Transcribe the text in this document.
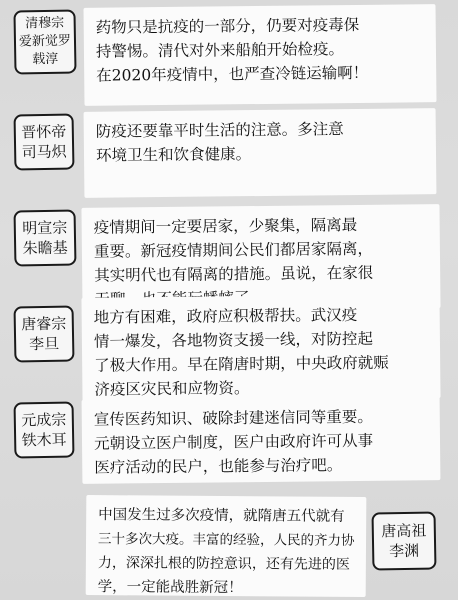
清穆宗
爱新觉罗
载淳
药物只是抗疫的一部分，仍要对疫毒保
持警惕。清代对外来船舶开始检疫。
在2020年疫情中，也严查冷链运输啊！
晋怀帝
司马炽
防疫还要靠平时生活的注意。多注意
环境卫生和饮食健康。
明宣宗
朱瞻基
疫情期间一定要居家，少聚集，隔离最
重要。新冠疫情期间公民们都居家隔离，
其实明代也有隔离的措施。虽说，在家很
唐睿宗
李旦
地方有困难，政府应积极帮扶。武汉疫
情一爆发，各地物资支援一线，对防控起
了极大作用。早在隋唐时期，中央政府就赈
济疫区灾民和应物资。
元成宗
铁木耳
宣传医药知识、破除封建迷信同等重要。
元朝设立医户制度，医户由政府许可从事
医疗活动的民户，也能参与治疗吧。
中国发生过多次疫情，就隋唐五代就有
三十多次大疫。丰富的经验，人民的齐力协
力，深深扎根的防控意识，还有先进的医
学，一定能战胜新冠！
唐高祖
李渊
